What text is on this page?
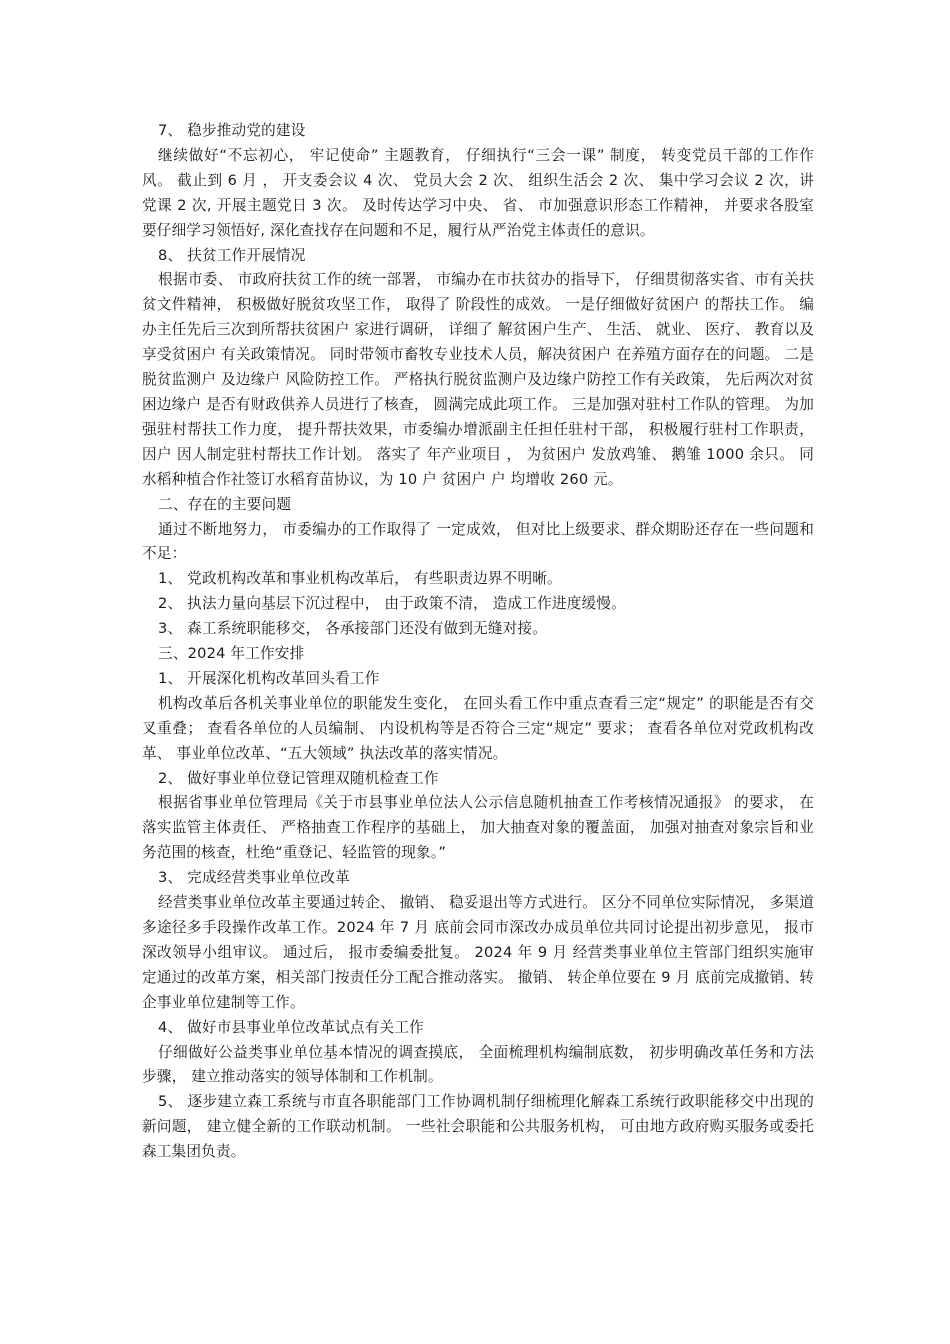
7、 稳步推动党的建设

继续做好“不忘初心， 牢记使命” 主题教育， 仔细执行“三会一课” 制度， 转变党员干部的工作作风。 截止到 6 月 ， 开支委会议 4 次、 党员大会 2 次、 组织生活会 2 次、 集中学习会议 2 次，讲党课 2 次, 开展主题党日 3 次。 及时传达学习中央、 省、 市加强意识形态工作精神， 并要求各股室要仔细学习领悟好, 深化查找存在问题和不足，履行从严治党主体责任的意识。

8、 扶贫工作开展情况

根据市委、 市政府扶贫工作的统一部署， 市编办在市扶贫办的指导下， 仔细贯彻落实省、市有关扶贫文件精神， 积极做好脱贫攻坚工作， 取得了 阶段性的成效。 一是仔细做好贫困户 的帮扶工作。 编办主任先后三次到所帮扶贫困户 家进行调研， 详细了 解贫困户生产、 生活、 就业、 医疗、 教育以及享受贫困户 有关政策情况。 同时带领市畜牧专业技术人员，解决贫困户 在养殖方面存在的问题。 二是脱贫监测户 及边缘户 风险防控工作。 严格执行脱贫监测户及边缘户防控工作有关政策， 先后两次对贫困边缘户 是否有财政供养人员进行了核查， 圆满完成此项工作。 三是加强对驻村工作队的管理。 为加强驻村帮扶工作力度， 提升帮扶效果，市委编办增派副主任担任驻村干部， 积极履行驻村工作职责， 因户 因人制定驻村帮扶工作计划。 落实了 年产业项目 ， 为贫困户 发放鸡雏、 鹅雏 1000 余只。 同水稻种植合作社签订水稻育苗协议，为 10 户 贫困户 户 均增收 260 元。

二、存在的主要问题

通过不断地努力， 市委编办的工作取得了 一定成效， 但对比上级要求、群众期盼还存在一些问题和不足：

1、 党政机构改革和事业机构改革后， 有些职责边界不明晰。

2、 执法力量向基层下沉过程中， 由于政策不清， 造成工作进度缓慢。

3、 森工系统职能移交， 各承接部门还没有做到无缝对接。

三、2024 年工作安排

1、 开展深化机构改革回头看工作

机构改革后各机关事业单位的职能发生变化， 在回头看工作中重点查看三定“规定” 的职能是否有交叉重叠； 查看各单位的人员编制、 内设机构等是否符合三定“规定” 要求； 查看各单位对党政机构改革、 事业单位改革、“五大领域” 执法改革的落实情况。

2、 做好事业单位登记管理双随机检查工作

根据省事业单位管理局《关于市县事业单位法人公示信息随机抽查工作考核情况通报》 的要求， 在落实监管主体责任、 严格抽查工作程序的基础上， 加大抽查对象的覆盖面， 加强对抽查对象宗旨和业务范围的核查，杜绝“重登记、轻监管的现象。”

3、 完成经营类事业单位改革

经营类事业单位改革主要通过转企、 撤销、 稳妥退出等方式进行。 区分不同单位实际情况， 多渠道多途径多手段操作改革工作。2024 年 7 月 底前会同市深改办成员单位共同讨论提出初步意见， 报市深改领导小组审议。 通过后， 报市委编委批复。 2024 年 9 月 经营类事业单位主管部门组织实施审定通过的改革方案，相关部门按责任分工配合推动落实。 撤销、 转企单位要在 9 月 底前完成撤销、转企事业单位建制等工作。

4、 做好市县事业单位改革试点有关工作

仔细做好公益类事业单位基本情况的调查摸底， 全面梳理机构编制底数， 初步明确改革任务和方法步骤， 建立推动落实的领导体制和工作机制。

5、 逐步建立森工系统与市直各职能部门工作协调机制仔细梳理化解森工系统行政职能移交中出现的新问题， 建立健全新的工作联动机制。 一些社会职能和公共服务机构， 可由地方政府购买服务或委托森工集团负责。
